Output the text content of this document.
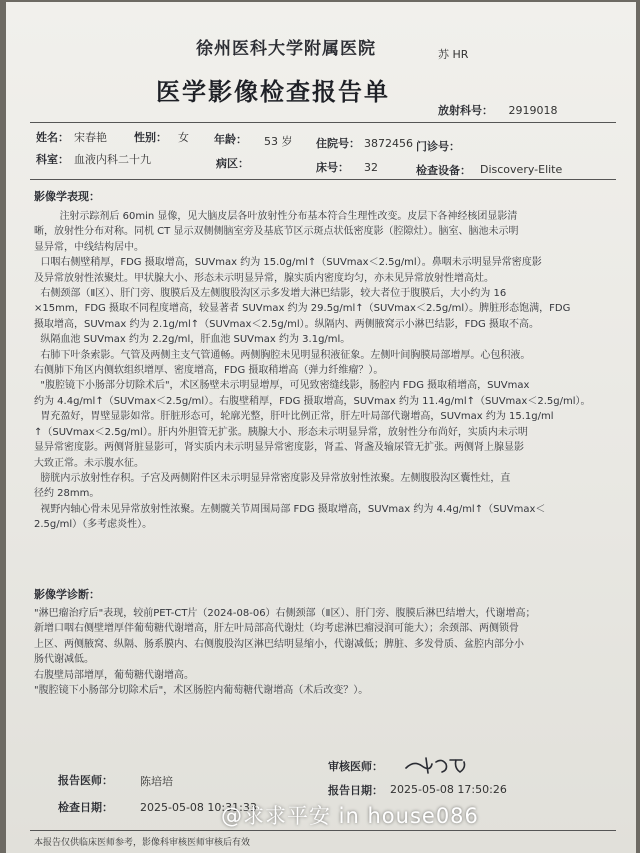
徐州医科大学附属医院	苏 HR
医学影像检查报告单
放射科号： 2919018
姓名： 宋春艳 性别： 女 年龄： 53 岁 住院号： 3872456 门诊号：
科室： 血液内科二十九	病区：	床号： 32	检查设备： Discovery-Elite
影像学表现：
注射示踪剂后 60min 显像，见大脑皮层各叶放射性分布基本符合生理性改变。皮层下各神经核团显影清
晰，放射性分布对称。同机 CT 显示双侧侧脑室旁及基底节区示斑点状低密度影（腔隙灶）。脑室、脑池未示明
显异常，中线结构居中。
口咽右侧壁稍厚，FDG 摄取增高，SUVmax 约为 15.0g/ml↑（SUVmax＜2.5g/ml）。鼻咽未示明显异常密度影
及异常放射性浓聚灶。甲状腺大小、形态未示明显异常，腺实质内密度均匀，亦未见异常放射性增高灶。
右侧颈部（Ⅱ区）、肝门旁、腹膜后及左侧腹股沟区示多发增大淋巴结影，较大者位于腹膜后，大小约为 16
×15mm，FDG 摄取不同程度增高，较显著者 SUVmax 约为 29.5g/ml↑（SUVmax＜2.5g/ml）。脾脏形态饱满，FDG
摄取增高，SUVmax 约为 2.1g/ml↑（SUVmax＜2.5g/ml）。纵隔内、两侧腋窝示小淋巴结影，FDG 摄取不高。
纵隔血池 SUVmax 约为 2.2g/ml，肝血池 SUVmax 约为 3.1g/ml。
右肺下叶条索影。气管及两侧主支气管通畅。两侧胸腔未见明显积液征象。左侧叶间胸膜局部增厚。心包积液。
右侧肺下角区内侧软组织增厚、密度增高，FDG 摄取稍增高（弹力纤维瘤？）。
"腹腔镜下小肠部分切除术后"，术区肠壁未示明显增厚，可见致密缝线影，肠腔内 FDG 摄取稍增高，SUVmax
约为 4.4g/ml↑（SUVmax＜2.5g/ml）。右腹壁稍厚，FDG 摄取增高，SUVmax 约为 11.4g/ml↑（SUVmax＜2.5g/ml）。
胃充盈好，胃壁显影如常。肝脏形态可，轮廓光整，肝叶比例正常，肝左叶局部代谢增高，SUVmax 约为 15.1g/ml
↑（SUVmax＜2.5g/ml）。肝内外胆管无扩张。胰腺大小、形态未示明显异常，放射性分布尚好，实质内未示明
显异常密度影。两侧肾脏显影可，肾实质内未示明显异常密度影，肾盂、肾盏及输尿管无扩张。两侧肾上腺显影
大致正常。未示腹水征。
膀胱内示放射性存积。子宫及两侧附件区未示明显异常密度影及异常放射性浓聚。左侧腹股沟区囊性灶，直
径约 28mm。
视野内轴心骨未见异常放射性浓聚。左侧髋关节周围局部 FDG 摄取增高，SUVmax 约为 4.4g/ml↑（SUVmax＜
2.5g/ml）（多考虑炎性）。
影像学诊断：
"淋巴瘤治疗后"表现，较前PET-CT片（2024-08-06）右侧颈部（Ⅱ区）、肝门旁、腹膜后淋巴结增大，代谢增高；
新增口咽右侧壁增厚伴葡萄糖代谢增高，肝左叶局部高代谢灶（均考虑淋巴瘤浸润可能大）；余颈部、两侧锁骨
上区、两侧腋窝、纵隔、肠系膜内、右侧腹股沟区淋巴结明显缩小，代谢减低；脾脏、多发骨质、盆腔内部分小
肠代谢减低。
右腹壁局部增厚，葡萄糖代谢增高。
"腹腔镜下小肠部分切除术后"，术区肠腔内葡萄糖代谢增高（术后改变？）。
审核医师：
报告医师： 陈培培
报告日期： 2025-05-08 17:50:26
检查日期： 2025-05-08 10:31:33
本报告仅供临床医师参考，影像科审核医师审核后有效
@求求平安 in house086
